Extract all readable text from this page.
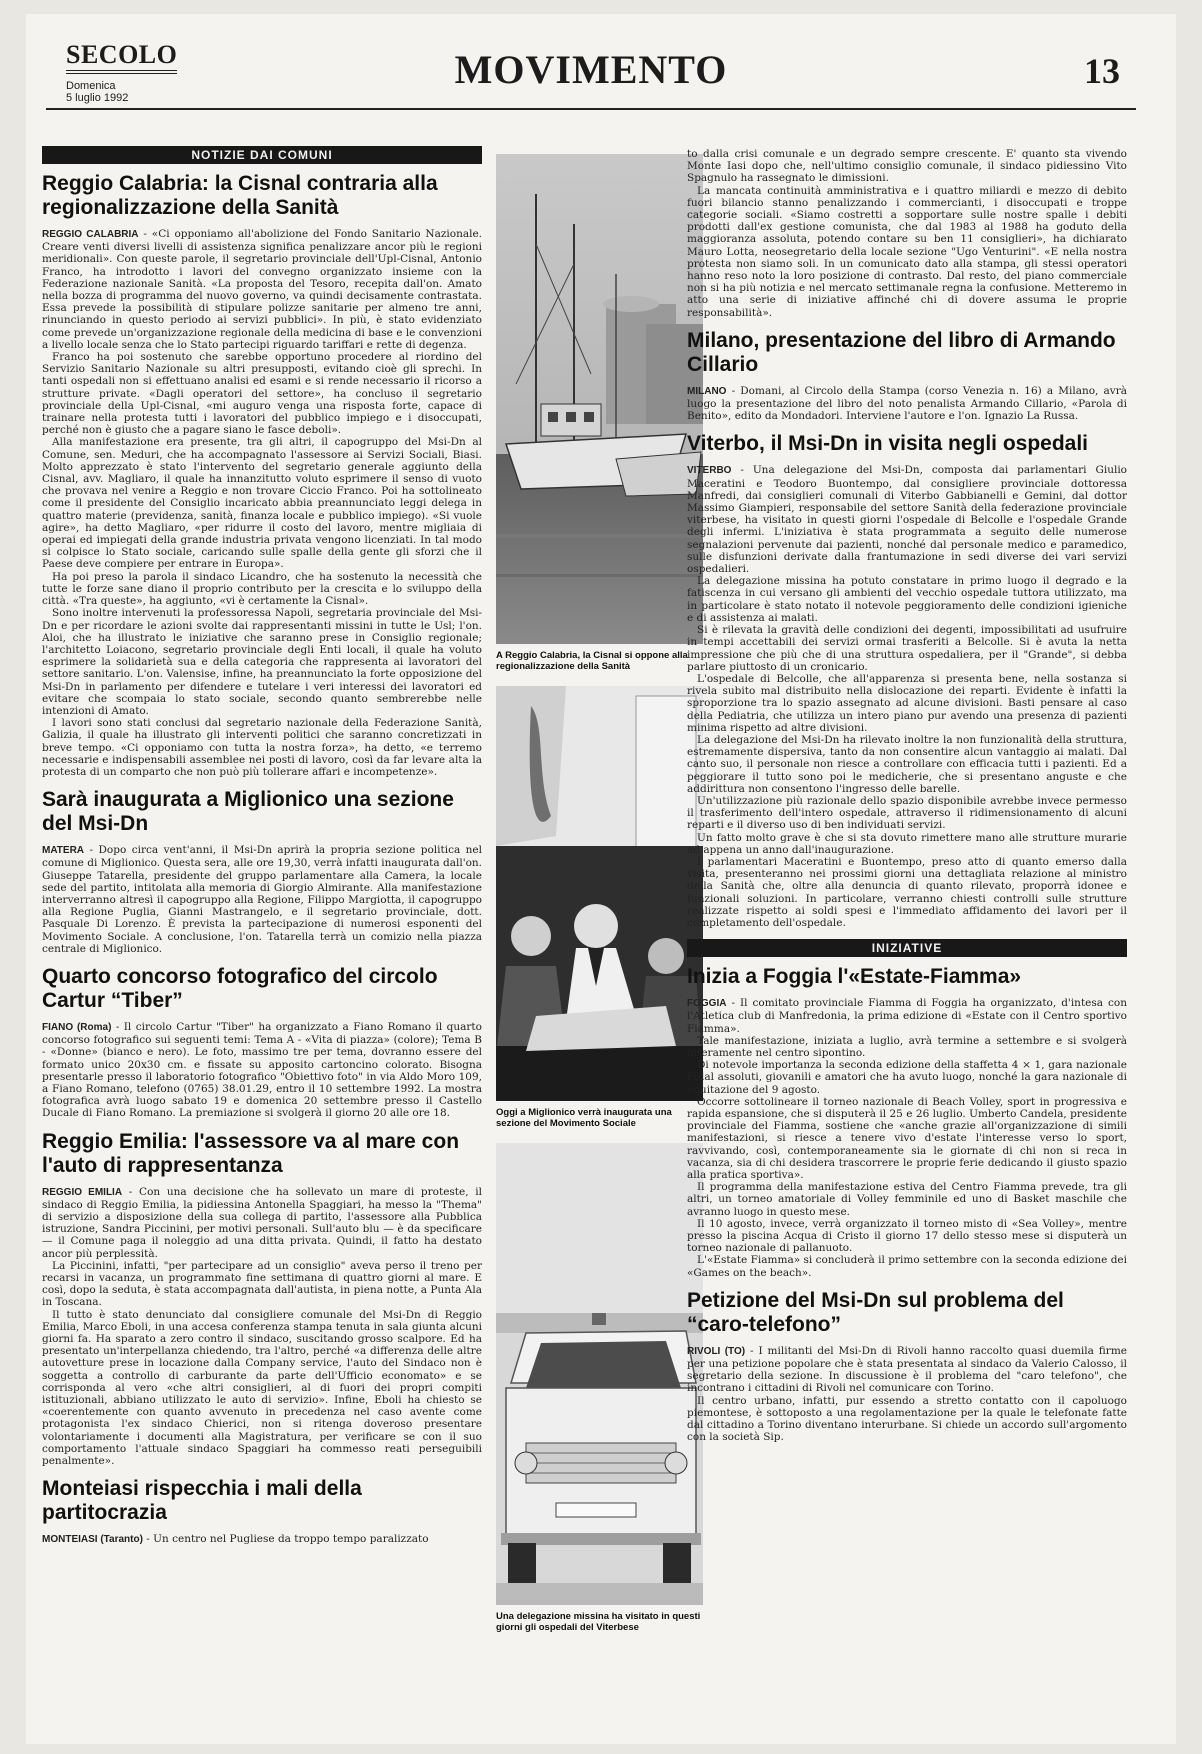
SECOLO
Domenica
5 luglio 1992
MOVIMENTO	13
NOTIZIE DAI COMUNI
Reggio Calabria: la Cisnal contraria alla regionalizzazione della Sanità

REGGIO CALABRIA - «Ci opponiamo all'abolizione del Fondo Sanitario Nazionale. Creare venti diversi livelli di assistenza significa penalizzare ancor più le regioni meridionali». Con queste parole, il segretario provinciale dell'Upl-Cisnal, Antonio Franco, ha introdotto i lavori del convegno organizzato insieme con la Federazione nazionale Sanità. «La proposta del Tesoro, recepita dall'on. Amato nella bozza di programma del nuovo governo, va quindi decisamente contrastata. Essa prevede la possibilità di stipulare polizze sanitarie per almeno tre anni, rinunciando in questo periodo ai servizi pubblici». In più, è stato evidenziato come prevede un'organizzazione regionale della medicina di base e le convenzioni a livello locale senza che lo Stato partecipi riguardo tariffari e rette di degenza.

Franco ha poi sostenuto che sarebbe opportuno procedere al riordino del Servizio Sanitario Nazionale su altri presupposti, evitando cioè gli sprechi. In tanti ospedali non si effettuano analisi ed esami e si rende necessario il ricorso a strutture private. «Dagli operatori del settore», ha concluso il segretario provinciale della Upl-Cisnal, «mi auguro venga una risposta forte, capace di trainare nella protesta tutti i lavoratori del pubblico impiego e i disoccupati, perché non è giusto che a pagare siano le fasce deboli».

Alla manifestazione era presente, tra gli altri, il capogruppo del Msi-Dn al Comune, sen. Meduri, che ha accompagnato l'assessore ai Servizi Sociali, Biasi. Molto apprezzato è stato l'intervento del segretario generale aggiunto della Cisnal, avv. Magliaro, il quale ha innanzitutto voluto esprimere il senso di vuoto che provava nel venire a Reggio e non trovare Ciccio Franco. Poi ha sottolineato come il presidente del Consiglio incaricato abbia preannunciato leggi delega in quattro materie (previdenza, sanità, finanza locale e pubblico impiego). «Si vuole agire», ha detto Magliaro, «per ridurre il costo del lavoro, mentre migliaia di operai ed impiegati della grande industria privata vengono licenziati. In tal modo si colpisce lo Stato sociale, caricando sulle spalle della gente gli sforzi che il Paese deve compiere per entrare in Europa».

Ha poi preso la parola il sindaco Licandro, che ha sostenuto la necessità che tutte le forze sane diano il proprio contributo per la crescita e lo sviluppo della città. «Tra queste», ha aggiunto, «vi è certamente la Cisnal».

Sono inoltre intervenuti la professoressa Napoli, segretaria provinciale del Msi-Dn e per ricordare le azioni svolte dai rappresentanti missini in tutte le Usl; l'on. Aloi, che ha illustrato le iniziative che saranno prese in Consiglio regionale; l'architetto Loiacono, segretario provinciale degli Enti locali, il quale ha voluto esprimere la solidarietà sua e della categoria che rappresenta ai lavoratori del settore sanitario. L'on. Valensise, infine, ha preannunciato la forte opposizione del Msi-Dn in parlamento per difendere e tutelare i veri interessi dei lavoratori ed evitare che scompaia lo stato sociale, secondo quanto sembrerebbe nelle intenzioni di Amato.

I lavori sono stati conclusi dal segretario nazionale della Federazione Sanità, Galizia, il quale ha illustrato gli interventi politici che saranno concretizzati in breve tempo. «Ci opponiamo con tutta la nostra forza», ha detto, «e terremo necessarie e indispensabili assemblee nei posti di lavoro, così da far levare alta la protesta di un comparto che non può più tollerare affari e incompetenze».

Sarà inaugurata a Miglionico una sezione del Msi-Dn

MATERA - Dopo circa vent'anni, il Msi-Dn aprirà la propria sezione politica nel comune di Miglionico. Questa sera, alle ore 19,30, verrà infatti inaugurata dall'on. Giuseppe Tatarella, presidente del gruppo parlamentare alla Camera, la locale sede del partito, intitolata alla memoria di Giorgio Almirante. Alla manifestazione interverranno altresì il capogruppo alla Regione, Filippo Margiotta, il capogruppo alla Regione Puglia, Gianni Mastrangelo, e il segretario provinciale, dott. Pasquale Di Lorenzo. È prevista la partecipazione di numerosi esponenti del Movimento Sociale. A conclusione, l'on. Tatarella terrà un comizio nella piazza centrale di Miglionico.

Quarto concorso fotografico del circolo Cartur “Tiber”

FIANO (Roma) - Il circolo Cartur "Tiber" ha organizzato a Fiano Romano il quarto concorso fotografico sui seguenti temi: Tema A - «Vita di piazza» (colore); Tema B - «Donne» (bianco e nero). Le foto, massimo tre per tema, dovranno essere del formato unico 20x30 cm. e fissate su apposito cartoncino colorato. Bisogna presentarle presso il laboratorio fotografico "Obiettivo foto" in via Aldo Moro 109, a Fiano Romano, telefono (0765) 38.01.29, entro il 10 settembre 1992. La mostra fotografica avrà luogo sabato 19 e domenica 20 settembre presso il Castello Ducale di Fiano Romano. La premiazione si svolgerà il giorno 20 alle ore 18.

Reggio Emilia: l'assessore va al mare con l'auto di rappresentanza

REGGIO EMILIA - Con una decisione che ha sollevato un mare di proteste, il sindaco di Reggio Emilia, la pidiessina Antonella Spaggiari, ha messo la "Thema" di servizio a disposizione della sua collega di partito, l'assessore alla Pubblica istruzione, Sandra Piccinini, per motivi personali. Sull'auto blu — è da specificare — il Comune paga il noleggio ad una ditta privata. Quindi, il fatto ha destato ancor più perplessità.

La Piccinini, infatti, "per partecipare ad un consiglio" aveva perso il treno per recarsi in vacanza, un programmato fine settimana di quattro giorni al mare. E così, dopo la seduta, è stata accompagnata dall'autista, in piena notte, a Punta Ala in Toscana.

Il tutto è stato denunciato dal consigliere comunale del Msi-Dn di Reggio Emilia, Marco Eboli, in una accesa conferenza stampa tenuta in sala giunta alcuni giorni fa. Ha sparato a zero contro il sindaco, suscitando grosso scalpore. Ed ha presentato un'interpellanza chiedendo, tra l'altro, perché «a differenza delle altre autovetture prese in locazione dalla Company service, l'auto del Sindaco non è soggetta a controllo di carburante da parte dell'Ufficio economato» e se corrisponda al vero «che altri consiglieri, al di fuori dei propri compiti istituzionali, abbiano utilizzato le auto di servizio». Infine, Eboli ha chiesto se «coerentemente con quanto avvenuto in precedenza nel caso avente come protagonista l'ex sindaco Chierici, non si ritenga doveroso presentare volontariamente i documenti alla Magistratura, per verificare se con il suo comportamento l'attuale sindaco Spaggiari ha commesso reati perseguibili penalmente».

Monteiasi rispecchia i mali della partitocrazia

MONTEIASI (Taranto) - Un centro nel Pugliese da troppo tempo paralizzato

A Reggio Calabria, la Cisnal si oppone alla regionalizzazione della Sanità
Oggi a Miglionico verrà inaugurata una sezione del Movimento Sociale
Una delegazione missina ha visitato in questi giorni gli ospedali del Viterbese

to dalla crisi comunale e un degrado sempre crescente. E' quanto sta vivendo Monte Iasi dopo che, nell'ultimo consiglio comunale, il sindaco pidiessino Vito Spagnulo ha rassegnato le dimissioni.

La mancata continuità amministrativa e i quattro miliardi e mezzo di debito fuori bilancio stanno penalizzando i commercianti, i disoccupati e troppe categorie sociali. «Siamo costretti a sopportare sulle nostre spalle i debiti prodotti dall'ex gestione comunista, che dal 1983 al 1988 ha goduto della maggioranza assoluta, potendo contare su ben 11 consiglieri», ha dichiarato Mauro Lotta, neosegretario della locale sezione "Ugo Venturini". «E nella nostra protesta non siamo soli. In un comunicato dato alla stampa, gli stessi operatori hanno reso noto la loro posizione di contrasto. Dal resto, del piano commerciale non si ha più notizia e nel mercato settimanale regna la confusione. Metteremo in atto una serie di iniziative affinché chi di dovere assuma le proprie responsabilità».

Milano, presentazione del libro di Armando Cillario

MILANO - Domani, al Circolo della Stampa (corso Venezia n. 16) a Milano, avrà luogo la presentazione del libro del noto penalista Armando Cillario, «Parola di Benito», edito da Mondadori. Interviene l'autore e l'on. Ignazio La Russa.

Viterbo, il Msi-Dn in visita negli ospedali

VITERBO - Una delegazione del Msi-Dn, composta dai parlamentari Giulio Maceratini e Teodoro Buontempo, dal consigliere provinciale dottoressa Manfredi, dai consiglieri comunali di Viterbo Gabbianelli e Gemini, dal dottor Massimo Giampieri, responsabile del settore Sanità della federazione provinciale viterbese, ha visitato in questi giorni l'ospedale di Belcolle e l'ospedale Grande degli infermi. L'iniziativa è stata programmata a seguito delle numerose segnalazioni pervenute dai pazienti, nonché dal personale medico e paramedico, sulle disfunzioni derivate dalla frantumazione in sedi diverse dei vari servizi ospedalieri.

La delegazione missina ha potuto constatare in primo luogo il degrado e la fatiscenza in cui versano gli ambienti del vecchio ospedale tuttora utilizzato, ma in particolare è stato notato il notevole peggioramento delle condizioni igieniche e di assistenza ai malati.

Si è rilevata la gravità delle condizioni dei degenti, impossibilitati ad usufruire in tempi accettabili dei servizi ormai trasferiti a Belcolle. Si è avuta la netta impressione che più che di una struttura ospedaliera, per il "Grande", si debba parlare piuttosto di un cronicario.

L'ospedale di Belcolle, che all'apparenza si presenta bene, nella sostanza si rivela subito mal distribuito nella dislocazione dei reparti. Evidente è infatti la sproporzione tra lo spazio assegnato ad alcune divisioni. Basti pensare al caso della Pediatria, che utilizza un intero piano pur avendo una presenza di pazienti minima rispetto ad altre divisioni.

La delegazione del Msi-Dn ha rilevato inoltre la non funzionalità della struttura, estremamente dispersiva, tanto da non consentire alcun vantaggio ai malati. Dal canto suo, il personale non riesce a controllare con efficacia tutti i pazienti. Ed a peggiorare il tutto sono poi le medicherie, che si presentano anguste e che addirittura non consentono l'ingresso delle barelle.

Un'utilizzazione più razionale dello spazio disponibile avrebbe invece permesso il trasferimento dell'intero ospedale, attraverso il ridimensionamento di alcuni reparti e il diverso uso di ben individuati servizi.

Un fatto molto grave è che si sta dovuto rimettere mano alle strutture murarie ad appena un anno dall'inaugurazione.

I parlamentari Maceratini e Buontempo, preso atto di quanto emerso dalla visita, presenteranno nei prossimi giorni una dettagliata relazione al ministro della Sanità che, oltre alla denuncia di quanto rilevato, proporrà idonee e funzionali soluzioni. In particolare, verranno chiesti controlli sulle strutture realizzate rispetto ai soldi spesi e l'immediato affidamento dei lavori per il completamento dell'ospedale.

INIZIATIVE
Inizia a Foggia l'«Estate-Fiamma»

FOGGIA - Il comitato provinciale Fiamma di Foggia ha organizzato, d'intesa con l'Atletica club di Manfredonia, la prima edizione di «Estate con il Centro sportivo Fiamma».

Tale manifestazione, iniziata a luglio, avrà termine a settembre e si svolgerà interamente nel centro sipontino.

Di notevole importanza la seconda edizione della staffetta 4 × 1, gara nazionale Fidal assoluti, giovanili e amatori che ha avuto luogo, nonché la gara nazionale di equitazione del 9 agosto.

Occorre sottolineare il torneo nazionale di Beach Volley, sport in progressiva e rapida espansione, che si disputerà il 25 e 26 luglio. Umberto Candela, presidente provinciale del Fiamma, sostiene che «anche grazie all'organizzazione di simili manifestazioni, si riesce a tenere vivo d'estate l'interesse verso lo sport, ravvivando, così, contemporaneamente sia le giornate di chi non si reca in vacanza, sia di chi desidera trascorrere le proprie ferie dedicando il giusto spazio alla pratica sportiva».

Il programma della manifestazione estiva del Centro Fiamma prevede, tra gli altri, un torneo amatoriale di Volley femminile ed uno di Basket maschile che avranno luogo in questo mese.

Il 10 agosto, invece, verrà organizzato il torneo misto di «Sea Volley», mentre presso la piscina Acqua di Cristo il giorno 17 dello stesso mese si disputerà un torneo nazionale di pallanuoto.

L'«Estate Fiamma» si concluderà il primo settembre con la seconda edizione dei «Games on the beach».

Petizione del Msi-Dn sul problema del “caro-telefono”

RIVOLI (TO) - I militanti del Msi-Dn di Rivoli hanno raccolto quasi duemila firme per una petizione popolare che è stata presentata al sindaco da Valerio Calosso, il segretario della sezione. In discussione è il problema del "caro telefono", che incontrano i cittadini di Rivoli nel comunicare con Torino.

Il centro urbano, infatti, pur essendo a stretto contatto con il capoluogo piemontese, è sottoposto a una regolamentazione per la quale le telefonate fatte dal cittadino a Torino diventano interurbane. Si chiede un accordo sull'argomento con la società Sip.
